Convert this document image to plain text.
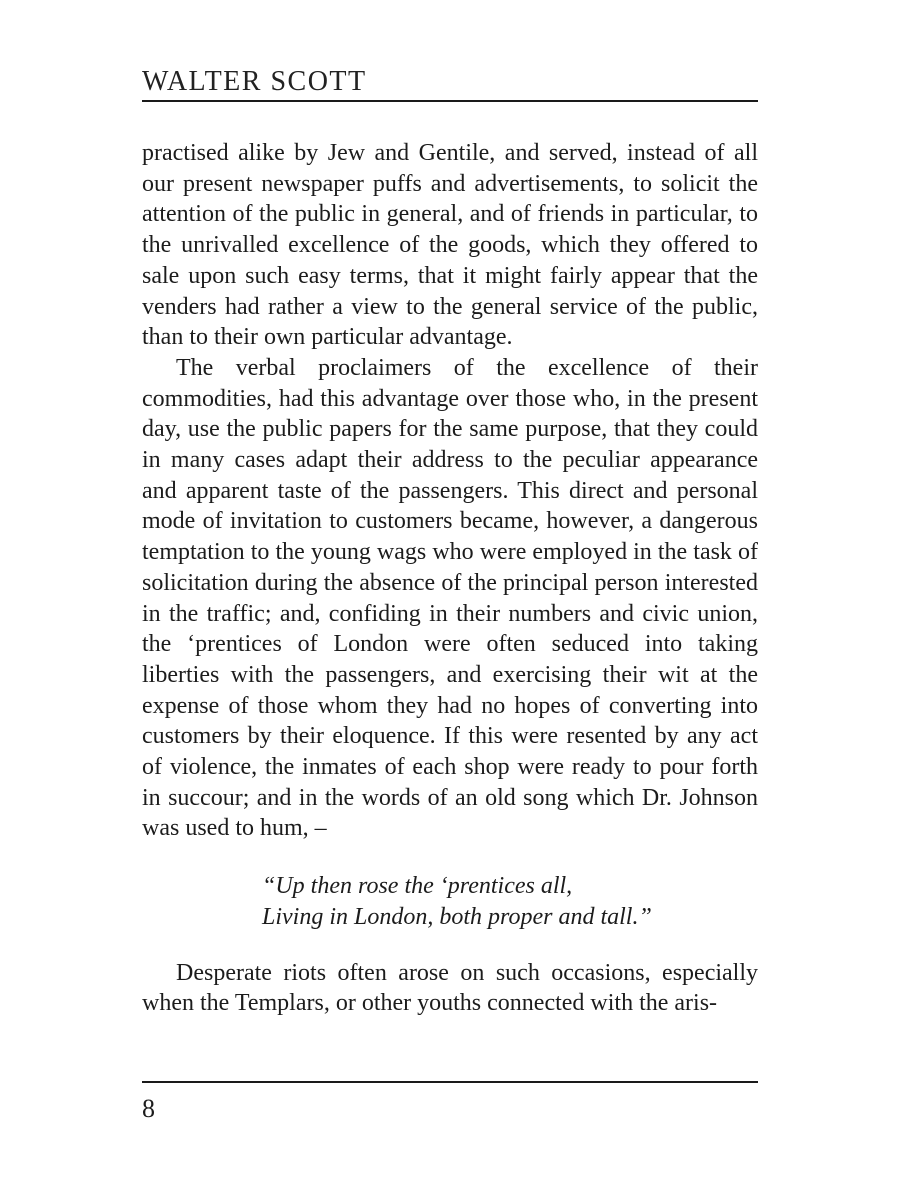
WALTER SCOTT

practised alike by Jew and Gentile, and served, instead of all our present newspaper puffs and advertisements, to solicit the attention of the public in general, and of friends in particular, to the unrivalled excellence of the goods, which they offered to sale upon such easy terms, that it might fairly appear that the venders had rather a view to the general service of the public, than to their own particular advantage.

The verbal proclaimers of the excellence of their commodities, had this advantage over those who, in the present day, use the public papers for the same purpose, that they could in many cases adapt their address to the peculiar appearance and apparent taste of the passengers. This direct and personal mode of invitation to customers became, however, a dangerous temptation to the young wags who were employed in the task of solicitation during the absence of the principal person interested in the traffic; and, confiding in their numbers and civic union, the ‘prentices of London were often seduced into taking liberties with the passengers, and exercising their wit at the expense of those whom they had no hopes of converting into customers by their eloquence. If this were resented by any act of violence, the inmates of each shop were ready to pour forth in succour; and in the words of an old song which Dr. Johnson was used to hum, –

“Up then rose the ‘prentices all,
Living in London, both proper and tall.”

Desperate riots often arose on such occasions, especially when the Templars, or other youths connected with the aris-

8
